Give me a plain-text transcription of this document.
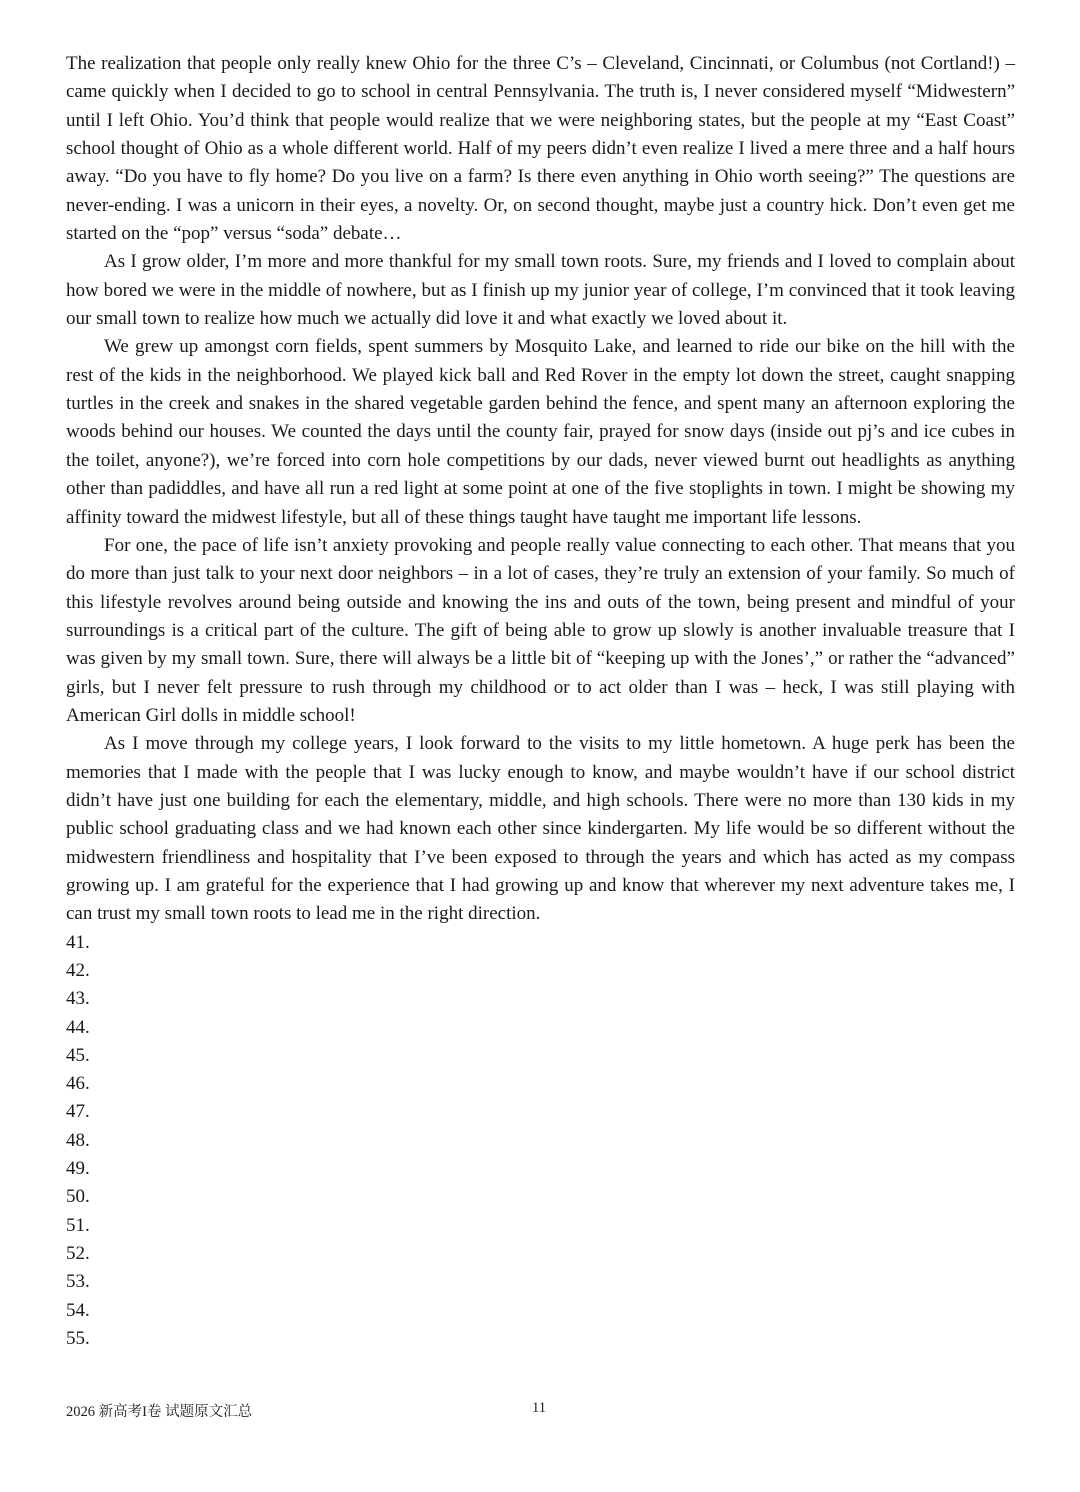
The realization that people only really knew Ohio for the three C’s – Cleveland, Cincinnati, or Columbus (not Cortland!) – came quickly when I decided to go to school in central Pennsylvania. The truth is, I never considered myself “Midwestern” until I left Ohio. You’d think that people would realize that we were neighboring states, but the people at my “East Coast” school thought of Ohio as a whole different world. Half of my peers didn’t even realize I lived a mere three and a half hours away. “Do you have to fly home? Do you live on a farm? Is there even anything in Ohio worth seeing?” The questions are never-ending. I was a unicorn in their eyes, a novelty. Or, on second thought, maybe just a country hick. Don’t even get me started on the “pop” versus “soda” debate…

As I grow older, I’m more and more thankful for my small town roots. Sure, my friends and I loved to complain about how bored we were in the middle of nowhere, but as I finish up my junior year of college, I’m convinced that it took leaving our small town to realize how much we actually did love it and what exactly we loved about it.

We grew up amongst corn fields, spent summers by Mosquito Lake, and learned to ride our bike on the hill with the rest of the kids in the neighborhood. We played kick ball and Red Rover in the empty lot down the street, caught snapping turtles in the creek and snakes in the shared vegetable garden behind the fence, and spent many an afternoon exploring the woods behind our houses. We counted the days until the county fair, prayed for snow days (inside out pj’s and ice cubes in the toilet, anyone?), we’re forced into corn hole competitions by our dads, never viewed burnt out headlights as anything other than padiddles, and have all run a red light at some point at one of the five stoplights in town. I might be showing my affinity toward the midwest lifestyle, but all of these things taught have taught me important life lessons.

For one, the pace of life isn’t anxiety provoking and people really value connecting to each other. That means that you do more than just talk to your next door neighbors – in a lot of cases, they’re truly an extension of your family. So much of this lifestyle revolves around being outside and knowing the ins and outs of the town, being present and mindful of your surroundings is a critical part of the culture. The gift of being able to grow up slowly is another invaluable treasure that I was given by my small town. Sure, there will always be a little bit of “keeping up with the Jones’,” or rather the “advanced” girls, but I never felt pressure to rush through my childhood or to act older than I was – heck, I was still playing with American Girl dolls in middle school!

As I move through my college years, I look forward to the visits to my little hometown. A huge perk has been the memories that I made with the people that I was lucky enough to know, and maybe wouldn’t have if our school district didn’t have just one building for each the elementary, middle, and high schools. There were no more than 130 kids in my public school graduating class and we had known each other since kindergarten. My life would be so different without the midwestern friendliness and hospitality that I’ve been exposed to through the years and which has acted as my compass growing up. I am grateful for the experience that I had growing up and know that wherever my next adventure takes me, I can trust my small town roots to lead me in the right direction.

41.
42.
43.
44.
45.
46.
47.
48.
49.
50.
51.
52.
53.
54.
55.
2026 新高考I卷 试题原文汇总	11
